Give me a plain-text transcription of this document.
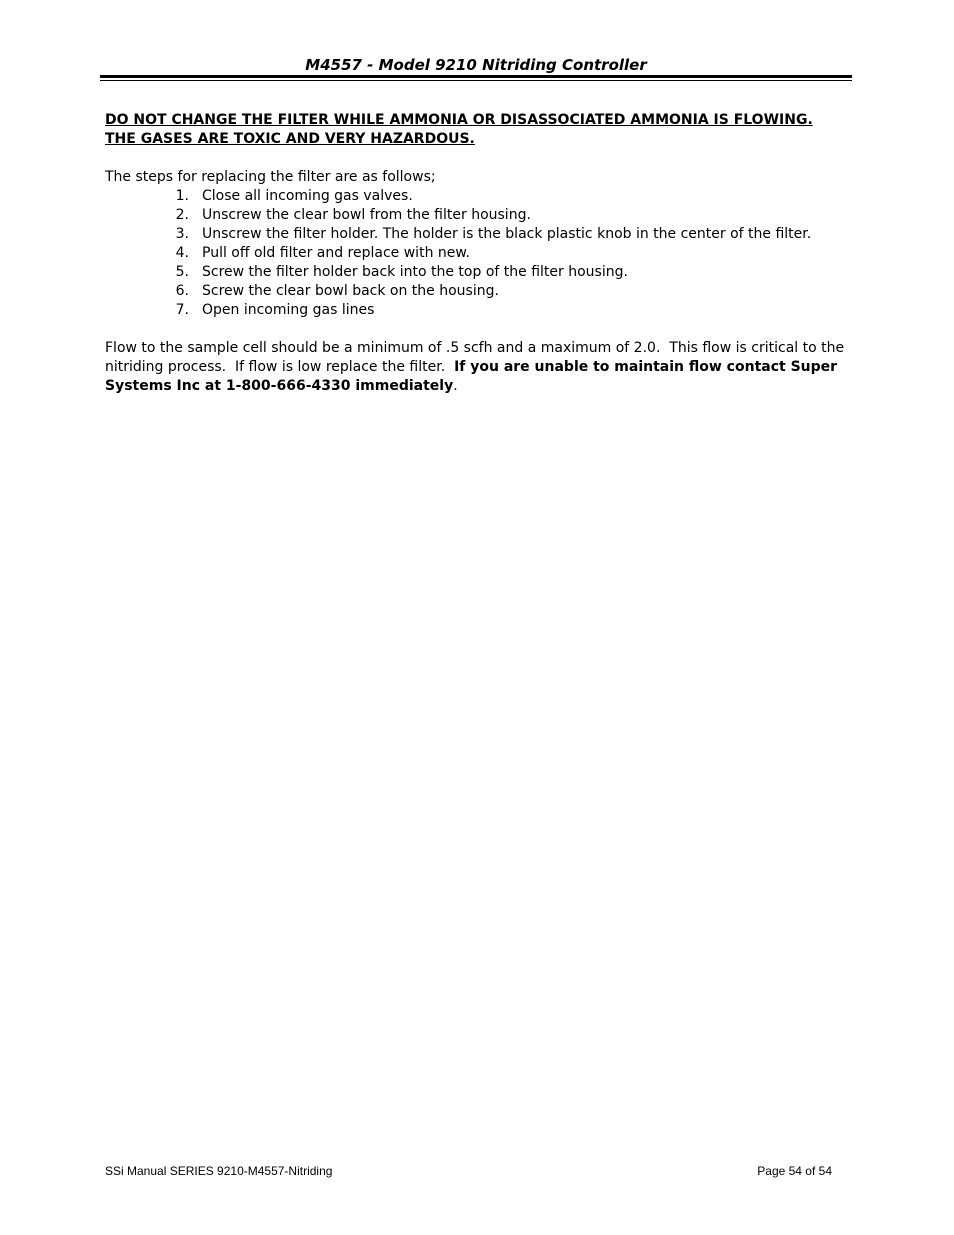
M4557 - Model 9210 Nitriding Controller

DO NOT CHANGE THE FILTER WHILE AMMONIA OR DISASSOCIATED AMMONIA IS FLOWING.
THE GASES ARE TOXIC AND VERY HAZARDOUS.

The steps for replacing the filter are as follows;

1. Close all incoming gas valves.
2. Unscrew the clear bowl from the filter housing.
3. Unscrew the filter holder. The holder is the black plastic knob in the center of the filter.
4. Pull off old filter and replace with new.
5. Screw the filter holder back into the top of the filter housing.
6. Screw the clear bowl back on the housing.
7. Open incoming gas lines

Flow to the sample cell should be a minimum of .5 scfh and a maximum of 2.0.  This flow is critical to the nitriding process.  If flow is low replace the filter.  If you are unable to maintain flow contact Super Systems Inc at 1-800-666-4330 immediately.

SSi Manual SERIES 9210-M4557-Nitriding	Page 54 of 54
